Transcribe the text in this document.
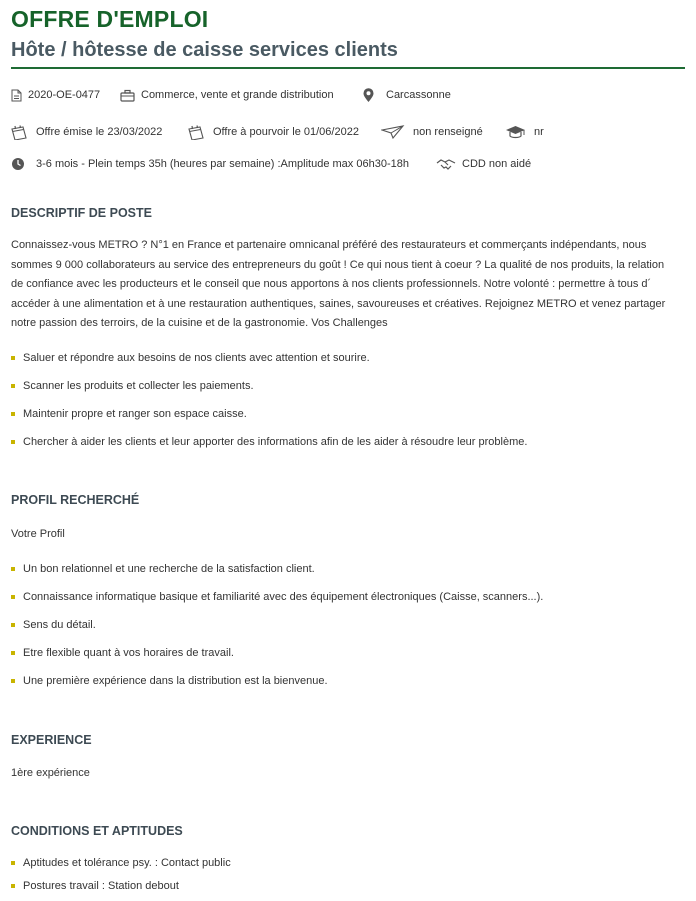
OFFRE D'EMPLOI
Hôte / hôtesse de caisse services clients
2020-OE-0477	Commerce, vente et grande distribution	Carcassonne
Offre émise le 23/03/2022	Offre à pourvoir le 01/06/2022	non renseigné	nr
3-6 mois - Plein temps 35h (heures par semaine) :Amplitude max 06h30-18h	CDD non aidé
DESCRIPTIF DE POSTE
Connaissez-vous METRO ? N°1 en France et partenaire omnicanal préféré des restaurateurs et commerçants indépendants, nous
sommes 9 000 collaborateurs au service des entrepreneurs du goût ! Ce qui nous tient à coeur ? La qualité de nos produits, la relation
de confiance avec les producteurs et le conseil que nous apportons à nos clients professionnels. Notre volonté : permettre à tous d´
accéder à une alimentation et à une restauration authentiques, saines, savoureuses et créatives. Rejoignez METRO et venez partager
notre passion des terroirs, de la cuisine et de la gastronomie. Vos Challenges
Saluer et répondre aux besoins de nos clients avec attention et sourire.
Scanner les produits et collecter les paiements.
Maintenir propre et ranger son espace caisse.
Chercher à aider les clients et leur apporter des informations afin de les aider à résoudre leur problème.
PROFIL RECHERCHÉ

Votre Profil

Un bon relationnel et une recherche de la satisfaction client.
Connaissance informatique basique et familiarité avec des équipement électroniques (Caisse, scanners...).
Sens du détail.
Etre flexible quant à vos horaires de travail.
Une première expérience dans la distribution est la bienvenue.
EXPERIENCE

1ère expérience

CONDITIONS ET APTITUDES
Aptitudes et tolérance psy. : Contact public
Postures travail : Station debout
